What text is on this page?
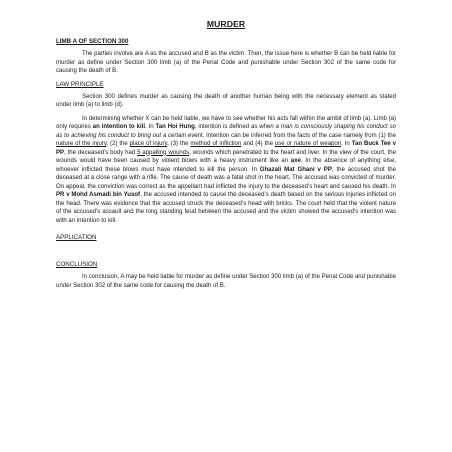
MURDER
LIMB A OF SECTION 300

The parties involve are A as the accused and B as the victim. Then, the issue here is whether B can be held liable for murder as define under Section 300 limb (a) of the Penal Code and punishable under Section 302 of the same code for causing the death of B.

LAW PRINCIPLE

Section 300 defines murder as causing the death of another human being with the necessary element as stated under limb (a) to limb (d).

In determining whether X can be held liable, we have to see whether his acts fall within the ambit of limb (a). Limb (a) only requires an intention to kill. In Tan Hoi Hung, intention is defined as when a man is consciously shaping his conduct so as to achieving his conduct to bring out a certain event. Intention can be inferred from the facts of the case namely from (1) the nature of the injury, (2) the place of injury, (3) the method of infliction and (4) the use or nature of weapon. In Tan Buck Tee v PP, the deceased’s body had 5 appalling wounds, wounds which penetrated to the heart and liver. In the view of the court, the wounds would have been caused by violent blows with a heavy instrument like an axe. In the absence of anything else, whoever inflicted these blows must have intended to kill the person. In Ghazali Mat Ghani v PP, the accused shot the deceased at a close range with a rifle. The cause of death was a fatal shot in the heart. The accused was convicted of murder. On appeal, the conviction was correct as the appellant had inflicted the injury to the deceased’s heart and caused his death. In PR v Mohd Asmadi bin Yusof, the accused intended to cause the deceased’s death based on the serious injuries inflicted on the head. There was evidence that the accused struck the deceased’s head with bricks. The court held that the violent nature of the accused’s assault and the long standing feud between the accused and the victim showed the accused’s intention was with an intention to kill.

APPLICATION
CONCLUSION

In conclusion, A may be held liable for murder as define under Section 300 limb (a) of the Penal Code and punishable under Section 302 of the same code for causing the death of B.
